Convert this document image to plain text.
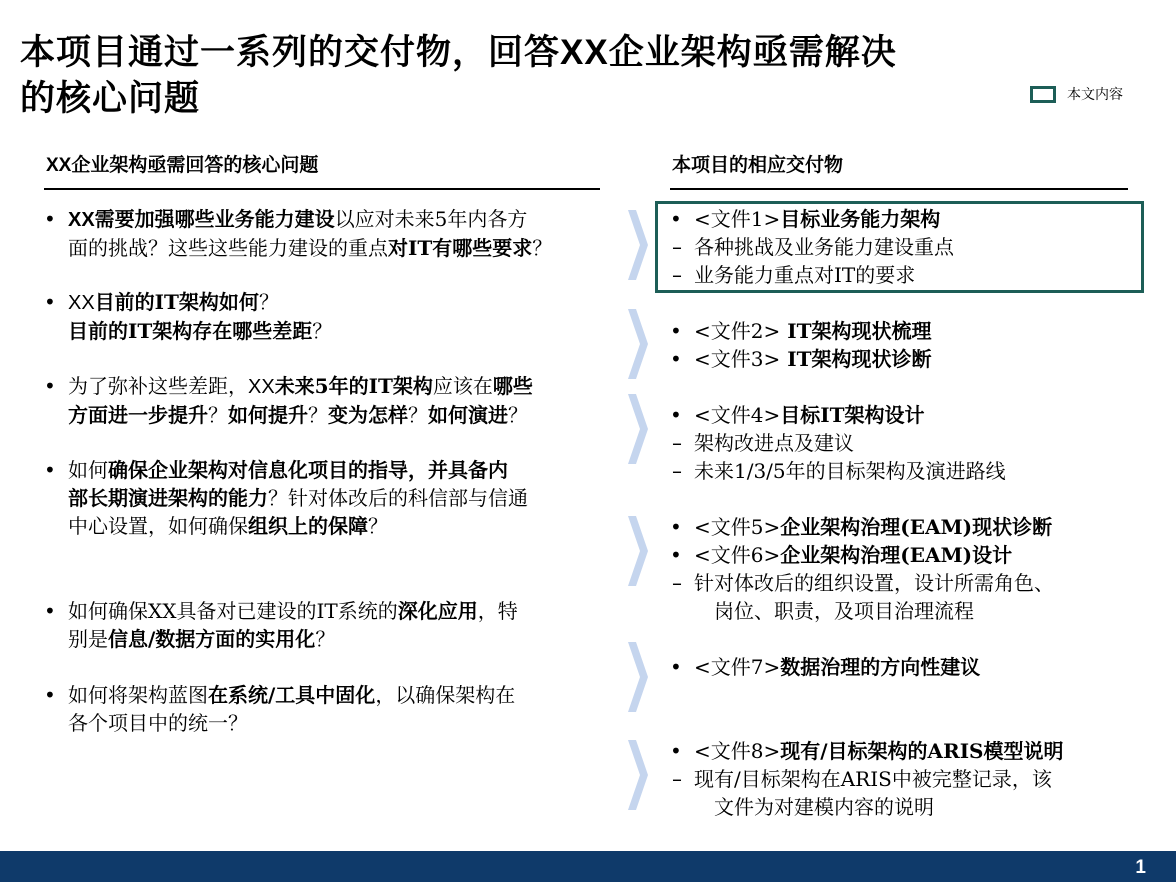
本项目通过一系列的交付物，回答XX企业架构亟需解决
的核心问题	本文内容
XX企业架构亟需回答的核心问题	本项目的相应交付物
• XX需要加强哪些业务能力建设以应对未来5年内各方
面的挑战？这些这些能力建设的重点对IT有哪些要求？
• XX目前的IT架构如何？
目前的IT架构存在哪些差距？
• 为了弥补这些差距，XX未来5年的IT架构应该在哪些
方面进一步提升？如何提升？变为怎样？如何演进？
• 如何确保企业架构对信息化项目的指导，并具备内
部长期演进架构的能力？针对体改后的科信部与信通
中心设置，如何确保组织上的保障？
• 如何确保XX具备对已建设的IT系统的深化应用，特
别是信息/数据方面的实用化？
• 如何将架构蓝图在系统/工具中固化，以确保架构在
各个项目中的统一？
• <文件1>目标业务能力架构
– 各种挑战及业务能力建设重点
– 业务能力重点对IT的要求
• <文件2> IT架构现状梳理
• <文件3> IT架构现状诊断
• <文件4>目标IT架构设计
– 架构改进点及建议
– 未来1/3/5年的目标架构及演进路线
• <文件5>企业架构治理(EAM)现状诊断
• <文件6>企业架构治理(EAM)设计
– 针对体改后的组织设置，设计所需角色、
岗位、职责，及项目治理流程
• <文件7>数据治理的方向性建议
• <文件8>现有/目标架构的ARIS模型说明
– 现有/目标架构在ARIS中被完整记录，该
文件为对建模内容的说明
1
